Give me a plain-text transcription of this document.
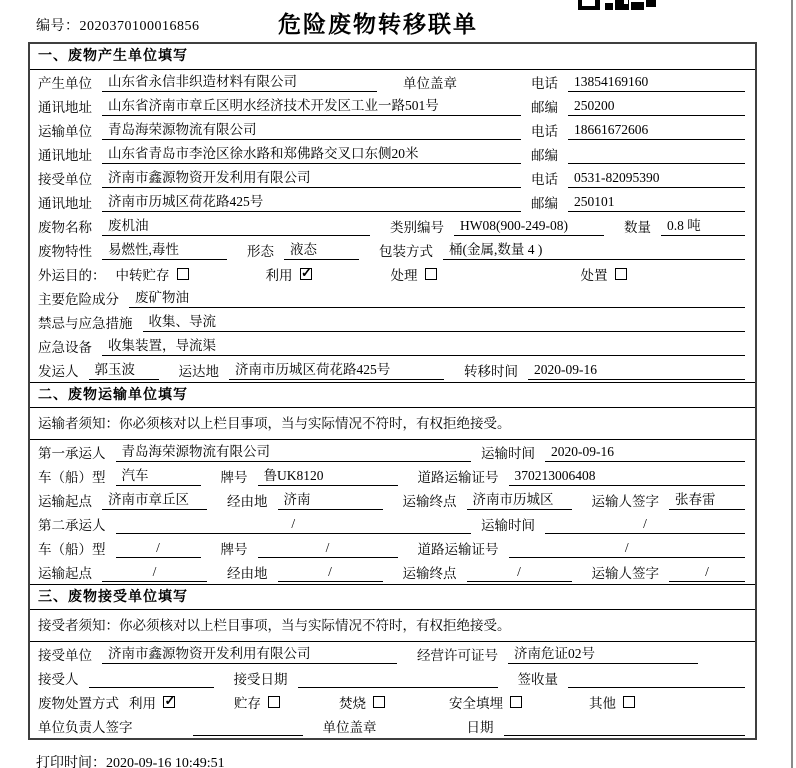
编号：2020370100016856	危险废物转移联单
一、废物产生单位填写
产生单位	山东省永信非织造材料有限公司	单位盖章	电话	13854169160
通讯地址	山东省济南市章丘区明水经济技术开发区工业一路501号	邮编	250200
运输单位	青岛海荣源物流有限公司	电话	18661672606
通讯地址	山东省青岛市李沧区徐水路和郑佛路交叉口东侧20米	邮编
接受单位	济南市鑫源物资开发利用有限公司	电话	0531-82095390
通讯地址	济南市历城区荷花路425号	邮编	250101
废物名称	废机油	类别编号	HW08(900-249-08)	数量	0.8 吨
废物特性	易燃性,毒性	形态	液态	包装方式	桶(金属,数量 4 )
外运目的： 中转贮存	利用 ✓	处理	处置
主要危险成分	废矿物油
禁忌与应急措施	收集、导流
应急设备	收集装置，导流渠
发运人	郭玉波	运达地	济南市历城区荷花路425号	转移时间	2020-09-16
二、废物运输单位填写
运输者须知：你必须核对以上栏目事项，当与实际情况不符时，有权拒绝接受。
第一承运人	青岛海荣源物流有限公司	运输时间	2020-09-16
车（船）型	汽车	牌号	鲁UK8120	道路运输证号	370213006408
运输起点	济南市章丘区	经由地	济南	运输终点	济南市历城区	运输人签字	张春雷
第二承运人	/	运输时间	/
车（船）型	/	牌号	/	道路运输证号	/
运输起点	/	经由地	/	运输终点	/	运输人签字	/
三、废物接受单位填写
接受者须知：你必须核对以上栏目事项，当与实际情况不符时，有权拒绝接受。
接受单位	济南市鑫源物资开发利用有限公司	经营许可证号	济南危证02号
接受人	接受日期	签收量
废物处置方式 利用 ✓	贮存	焚烧	安全填埋	其他
单位负责人签字	单位盖章	日期
打印时间：2020-09-16 10:49:51
